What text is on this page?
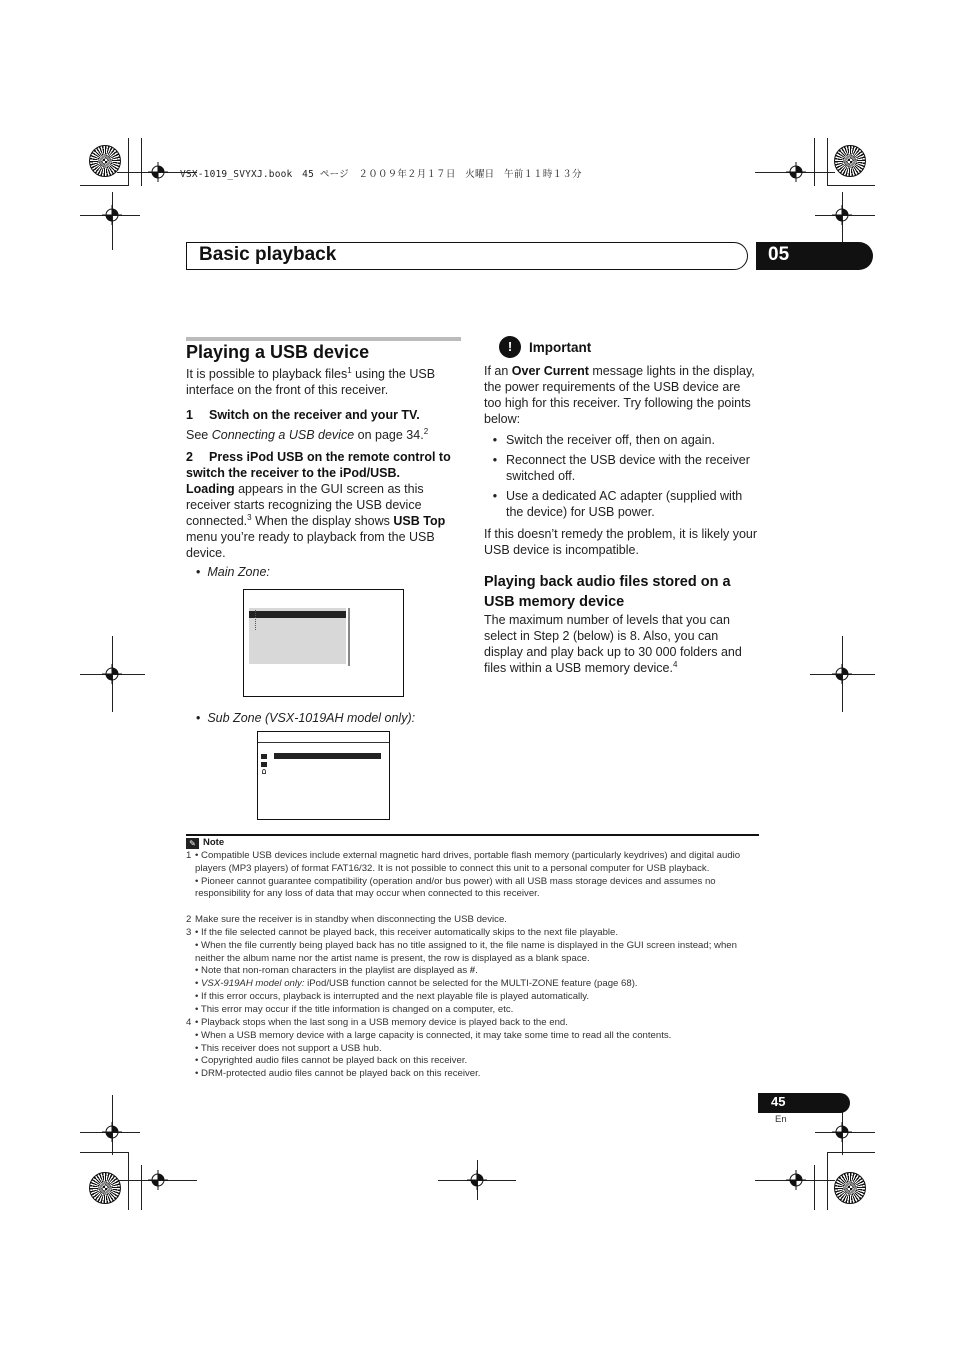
VSX-1019_SVYXJ.book　45 ページ　２００９年２月１７日　火曜日　午前１１時１３分
Basic playback	05
Playing a USB device
It is possible to playback files$^1$ using the USB interface on the front of this receiver.
1 Switch on the receiver and your TV.
See Connecting a USB device on page 34.$^2$
2 Press iPod USB on the remote control to switch the receiver to the iPod/USB.
Loading appears in the GUI screen as this receiver starts recognizing the USB device connected.$^3$ When the display shows USB Top menu you’re ready to playback from the USB device.
• Main Zone:
• Sub Zone (VSX-1019AH model only):
!	Important
If an Over Current message lights in the display, the power requirements of the USB device are too high for this receiver. Try following the points below:
• Switch the receiver off, then on again.
• Reconnect the USB device with the receiver switched off.
• Use a dedicated AC adapter (supplied with the device) for USB power.
If this doesn’t remedy the problem, it is likely your USB device is incompatible.
Playing back audio files stored on a USB memory device
The maximum number of levels that you can select in Step 2 (below) is 8. Also, you can display and play back up to 30 000 folders and files within a USB memory device.$^4$
✎ Note
1 • Compatible USB devices include external magnetic hard drives, portable flash memory (particularly keydrives) and digital audio players (MP3 players) of format FAT16/32. It is not possible to connect this unit to a personal computer for USB playback.
• Pioneer cannot guarantee compatibility (operation and/or bus power) with all USB mass storage devices and assumes no responsibility for any loss of data that may occur when connected to this receiver.
2 Make sure the receiver is in standby when disconnecting the USB device.
3 • If the file selected cannot be played back, this receiver automatically skips to the next file playable.
• When the file currently being played back has no title assigned to it, the file name is displayed in the GUI screen instead; when neither the album name nor the artist name is present, the row is displayed as a blank space.
• Note that non-roman characters in the playlist are displayed as #.
• VSX-919AH model only: iPod/USB function cannot be selected for the MULTI-ZONE feature (page 68).
• If this error occurs, playback is interrupted and the next playable file is played automatically.
• This error may occur if the title information is changed on a computer, etc.
4 • Playback stops when the last song in a USB memory device is played back to the end.
• When a USB memory device with a large capacity is connected, it may take some time to read all the contents.
• This receiver does not support a USB hub.
• Copyrighted audio files cannot be played back on this receiver.
• DRM-protected audio files cannot be played back on this receiver.
45
En
